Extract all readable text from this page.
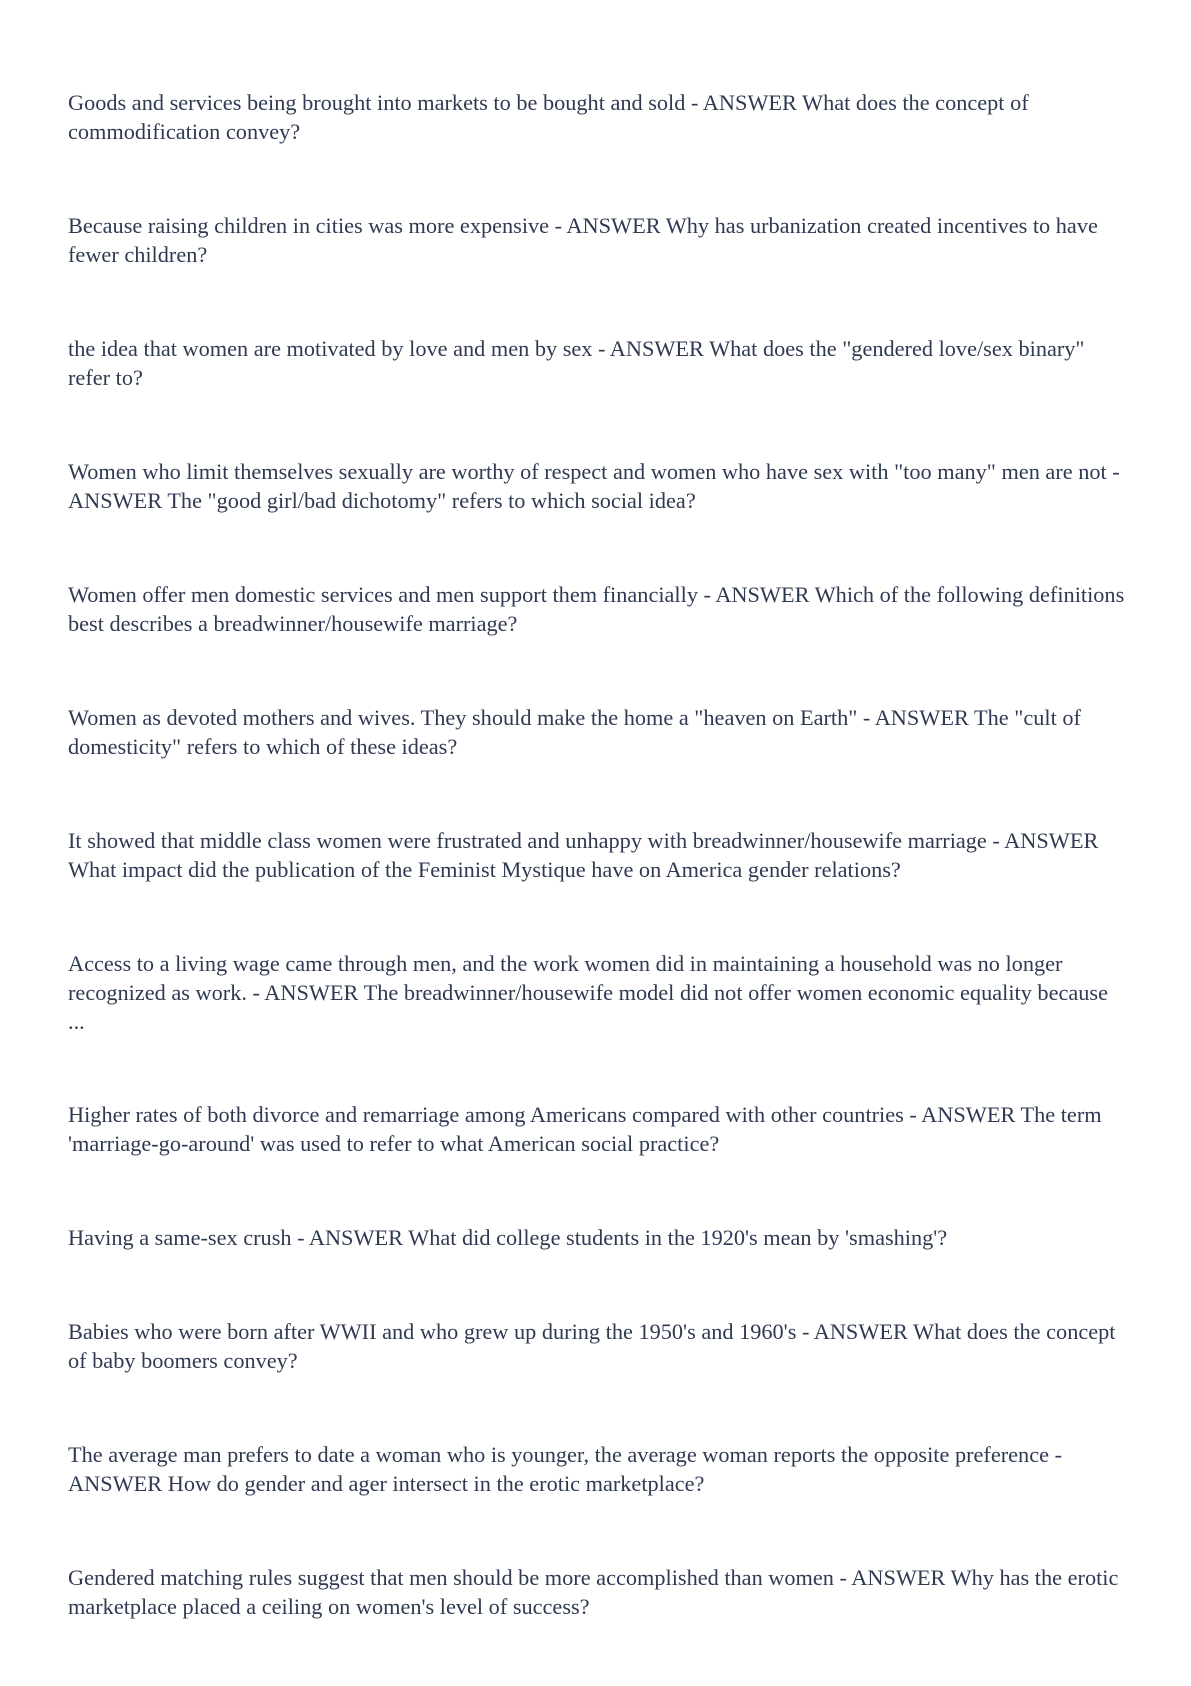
Goods and services being brought into markets to be bought and sold - ANSWER What does the concept of commodification convey?
Because raising children in cities was more expensive - ANSWER Why has urbanization created incentives to have fewer children?
the idea that women are motivated by love and men by sex - ANSWER What does the "gendered love/sex binary" refer to?
Women who limit themselves sexually are worthy of respect and women who have sex with "too many" men are not - ANSWER The "good girl/bad dichotomy" refers to which social idea?
Women offer men domestic services and men support them financially - ANSWER Which of the following definitions best describes a breadwinner/housewife marriage?
Women as devoted mothers and wives. They should make the home a "heaven on Earth" - ANSWER The "cult of domesticity" refers to which of these ideas?
It showed that middle class women were frustrated and unhappy with breadwinner/housewife marriage - ANSWER What impact did the publication of the Feminist Mystique have on America gender relations?
Access to a living wage came through men, and the work women did in maintaining a household was no longer recognized as work. - ANSWER The breadwinner/housewife model did not offer women economic equality because ...
Higher rates of both divorce and remarriage among Americans compared with other countries - ANSWER The term 'marriage-go-around' was used to refer to what American social practice?
Having a same-sex crush - ANSWER What did college students in the 1920's mean by 'smashing'?
Babies who were born after WWII and who grew up during the 1950's and 1960's - ANSWER What does the concept of baby boomers convey?
The average man prefers to date a woman who is younger, the average woman reports the opposite preference - ANSWER How do gender and ager intersect in the erotic marketplace?
Gendered matching rules suggest that men should be more accomplished than women - ANSWER Why has the erotic marketplace placed a ceiling on women's level of success?
